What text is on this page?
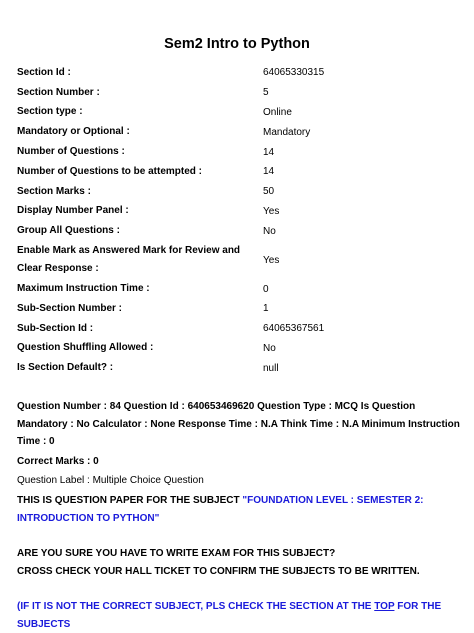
Sem2 Intro to Python
Section Id :	64065330315
Section Number :	5
Section type :	Online
Mandatory or Optional :	Mandatory
Number of Questions :	14
Number of Questions to be attempted :	14
Section Marks :	50
Display Number Panel :	Yes
Group All Questions :	No
Enable Mark as Answered Mark for Review and Clear Response :
Yes
Maximum Instruction Time :	0
Sub-Section Number :	1
Sub-Section Id :	64065367561
Question Shuffling Allowed :	No
Is Section Default? :	null
Question Number : 84 Question Id : 640653469620 Question Type : MCQ Is Question Mandatory : No Calculator : None Response Time : N.A Think Time : N.A Minimum Instruction Time : 0
Correct Marks : 0
Question Label : Multiple Choice Question
THIS IS QUESTION PAPER FOR THE SUBJECT "FOUNDATION LEVEL : SEMESTER 2: INTRODUCTION TO PYTHON"
ARE YOU SURE YOU HAVE TO WRITE EXAM FOR THIS SUBJECT?
CROSS CHECK YOUR HALL TICKET TO CONFIRM THE SUBJECTS TO BE WRITTEN.
(IF IT IS NOT THE CORRECT SUBJECT, PLS CHECK THE SECTION AT THE TOP FOR THE SUBJECTS
